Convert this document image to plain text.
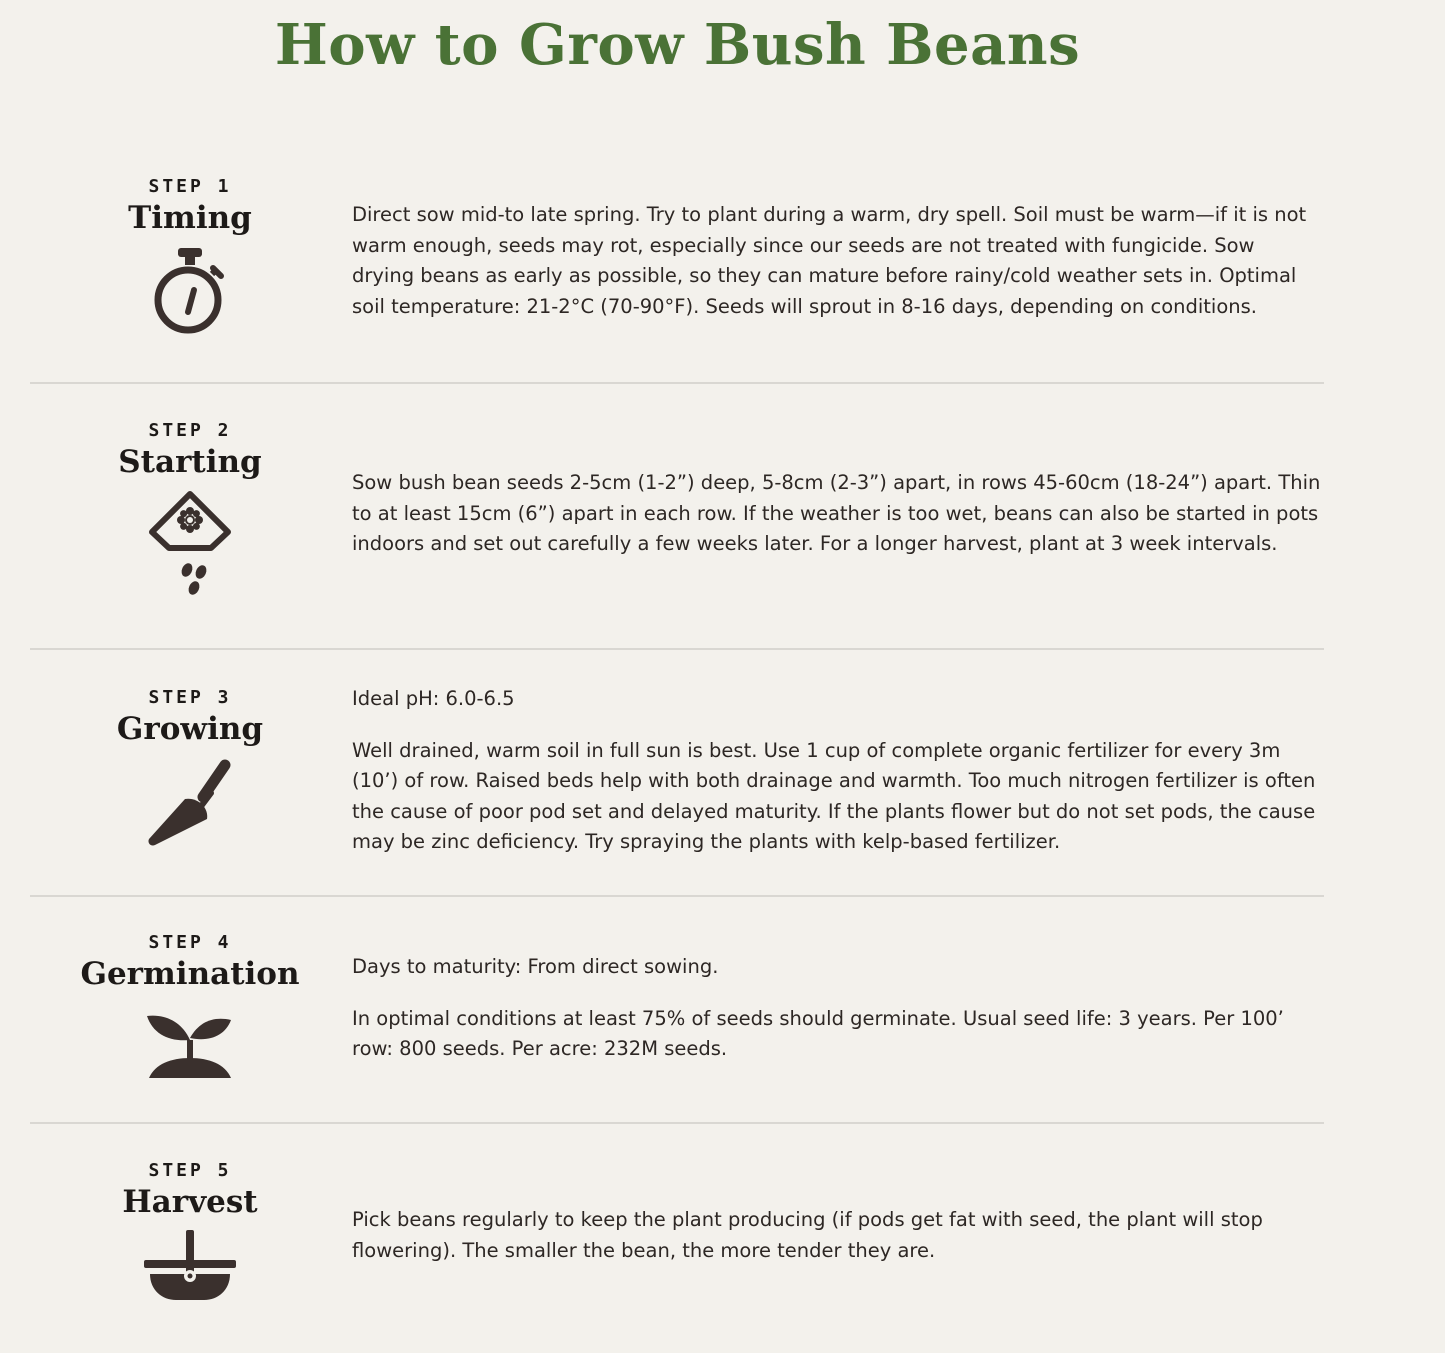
How to Grow Bush Beans
STEP 1
Timing	Direct sow mid-to late spring. Try to plant during a warm, dry spell. Soil must be warm—if it is not warm enough, seeds may rot, especially since our seeds are not treated with fungicide. Sow drying beans as early as possible, so they can mature before rainy/cold weather sets in. Optimal soil temperature: 21-2°C (70-90°F). Seeds will sprout in 8-16 days, depending on conditions.

STEP 2
Starting

Sow bush bean seeds 2-5cm (1-2”) deep, 5-8cm (2-3”) apart, in rows 45-60cm (18-24”) apart. Thin to at least 15cm (6”) apart in each row. If the weather is too wet, beans can also be started in pots indoors and set out carefully a few weeks later. For a longer harvest, plant at 3 week intervals.

STEP 3
Growing

Ideal pH: 6.0-6.5

Well drained, warm soil in full sun is best. Use 1 cup of complete organic fertilizer for every 3m (10’) of row. Raised beds help with both drainage and warmth. Too much nitrogen fertilizer is often the cause of poor pod set and delayed maturity. If the plants flower but do not set pods, the cause may be zinc deficiency. Try spraying the plants with kelp-based fertilizer.

STEP 4
Germination	Days to maturity: From direct sowing.

In optimal conditions at least 75% of seeds should germinate. Usual seed life: 3 years. Per 100’ row: 800 seeds. Per acre: 232M seeds.

STEP 5
Harvest	Pick beans regularly to keep the plant producing (if pods get fat with seed, the plant will stop flowering). The smaller the bean, the more tender they are.
